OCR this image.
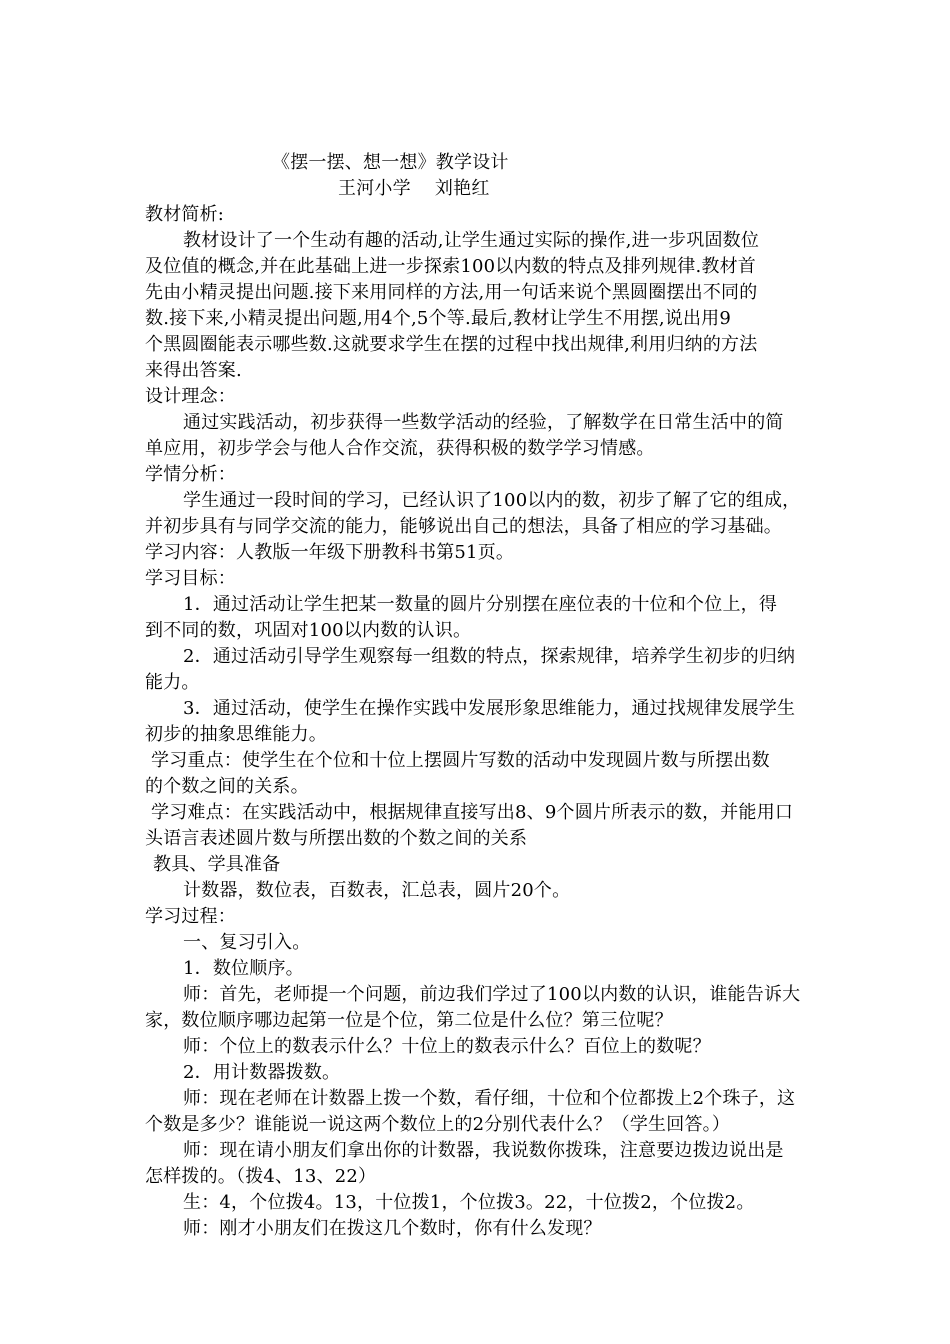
《摆一摆、想一想》教学设计
王河小学　 刘艳红
教材简析:
教材设计了一个生动有趣的活动,让学生通过实际的操作,进一步巩固数位
及位值的概念,并在此基础上进一步探索100以内数的特点及排列规律.教材首
先由小精灵提出问题.接下来用同样的方法,用一句话来说个黑圆圈摆出不同的
数.接下来,小精灵提出问题,用4个,5个等.最后,教材让学生不用摆,说出用9
个黑圆圈能表示哪些数.这就要求学生在摆的过程中找出规律,利用归纳的方法
来得出答案.
设计理念：
通过实践活动，初步获得一些数学活动的经验，了解数学在日常生活中的简
单应用，初步学会与他人合作交流，获得积极的数学学习情感。
学情分析：
学生通过一段时间的学习，已经认识了100以内的数，初步了解了它的组成，
并初步具有与同学交流的能力，能够说出自己的想法，具备了相应的学习基础。
学习内容：人教版一年级下册教科书第51页。
学习目标：
1．通过活动让学生把某一数量的圆片分别摆在座位表的十位和个位上，得
到不同的数，巩固对100以内数的认识。
2．通过活动引导学生观察每一组数的特点，探索规律，培养学生初步的归纳
能力。
3．通过活动，使学生在操作实践中发展形象思维能力，通过找规律发展学生
初步的抽象思维能力。
学习重点：使学生在个位和十位上摆圆片写数的活动中发现圆片数与所摆出数
的个数之间的关系。
学习难点：在实践活动中，根据规律直接写出8、9个圆片所表示的数，并能用口
头语言表述圆片数与所摆出数的个数之间的关系
教具、学具准备
计数器，数位表，百数表，汇总表，圆片20个。
学习过程：
一、复习引入。
1．数位顺序。
师：首先，老师提一个问题，前边我们学过了100以内数的认识，谁能告诉大
家，数位顺序哪边起第一位是个位，第二位是什么位？第三位呢？
师：个位上的数表示什么？十位上的数表示什么？百位上的数呢？
2．用计数器拨数。
师：现在老师在计数器上拨一个数，看仔细，十位和个位都拨上2个珠子，这
个数是多少？谁能说一说这两个数位上的2分别代表什么？（学生回答。）
师：现在请小朋友们拿出你的计数器，我说数你拨珠，注意要边拨边说出是
怎样拨的。（拨4、13、22）
生：4，个位拨4。13，十位拨1，个位拨3。22，十位拨2，个位拨2。
师：刚才小朋友们在拨这几个数时，你有什么发现？
